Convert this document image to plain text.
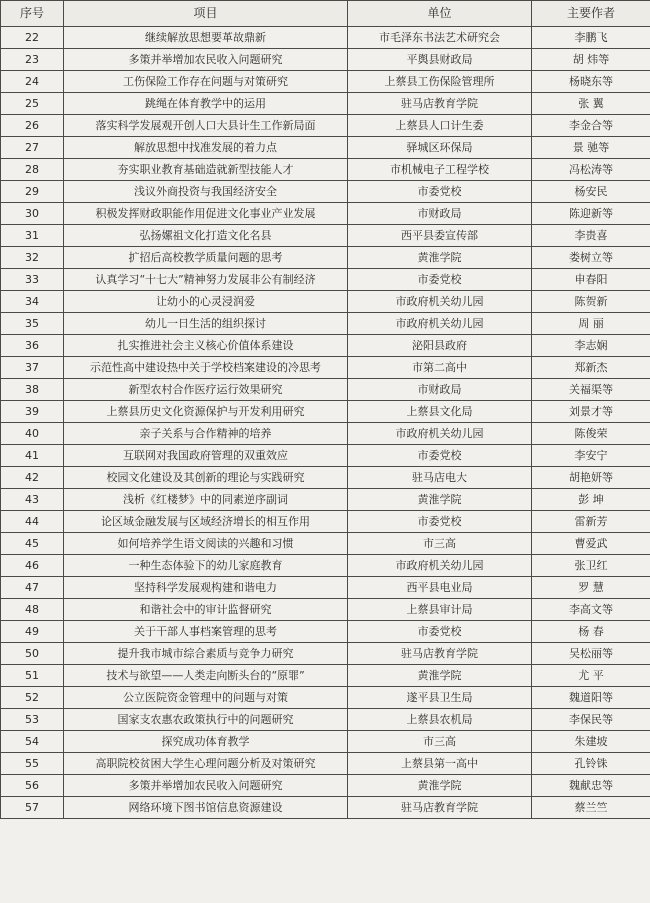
序号	项目	单位	主要作者
22	继续解放思想要革故鼎新	市毛泽东书法艺术研究会	李鹏飞
23	多策并举增加农民收入问题研究	平舆县财政局	胡 炜等
24	工伤保险工作存在问题与对策研究	上蔡县工伤保险管理所	杨晓东等
25	跳绳在体育教学中的运用	驻马店教育学院	张 翼
26	落实科学发展观开创人口大县计生工作新局面	上蔡县人口计生委	李金合等
27	解放思想中找准发展的着力点	驿城区环保局	景 驰等
28	夯实职业教育基础造就新型技能人才	市机械电子工程学校	冯松涛等
29	浅议外商投资与我国经济安全	市委党校	杨安民
30	积极发挥财政职能作用促进文化事业产业发展	市财政局	陈迎新等
31	弘扬嫘祖文化打造文化名县	西平县委宣传部	李贵喜
32	扩招后高校教学质量问题的思考	黄淮学院	娄树立等
33	认真学习“十七大”精神努力发展非公有制经济	市委党校	申春阳
34	让幼小的心灵浸润爱	市政府机关幼儿园	陈贺新
35	幼儿一日生活的组织探讨	市政府机关幼儿园	周 丽
36	扎实推进社会主义核心价值体系建设	泌阳县政府	李志娴
37	示范性高中建设热中关于学校档案建设的冷思考	市第二高中	郑新杰
38	新型农村合作医疗运行效果研究	市财政局	关福渠等
39	上蔡县历史文化资源保护与开发利用研究	上蔡县文化局	刘景才等
40	亲子关系与合作精神的培养	市政府机关幼儿园	陈俊荣
41	互联网对我国政府管理的双重效应	市委党校	李安宁
42	校园文化建设及其创新的理论与实践研究	驻马店电大	胡艳妍等
43	浅析《红楼梦》中的同素逆序副词	黄淮学院	彭 坤
44	论区域金融发展与区域经济增长的相互作用	市委党校	雷新芳
45	如何培养学生语文阅读的兴趣和习惯	市三高	曹爱武
46	一种生态体验下的幼儿家庭教育	市政府机关幼儿园	张卫红
47	坚持科学发展观构建和谐电力	西平县电业局	罗 慧
48	和谐社会中的审计监督研究	上蔡县审计局	李高文等
49	关于干部人事档案管理的思考	市委党校	杨 春
50	提升我市城市综合素质与竞争力研究	驻马店教育学院	吴松丽等
51	技术与欲望——人类走向断头台的“原罪”	黄淮学院	尤 平
52	公立医院资金管理中的问题与对策	遂平县卫生局	魏道阳等
53	国家支农惠农政策执行中的问题研究	上蔡县农机局	李保民等
54	探究成功体育教学	市三高	朱建坡
55	高职院校贫困大学生心理问题分析及对策研究	上蔡县第一高中	孔铃铢
56	多策并举增加农民收入问题研究	黄淮学院	魏献忠等
57	网络环境下图书馆信息资源建设	驻马店教育学院	蔡兰竺
